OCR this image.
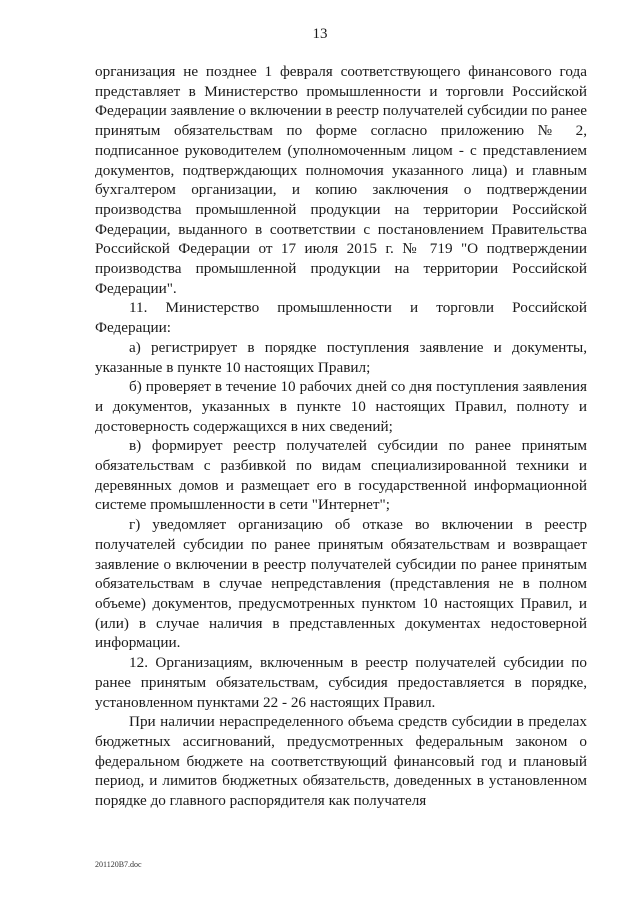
13

организация не позднее 1 февраля соответствующего финансового года представляет в Министерство промышленности и торговли Российской Федерации заявление о включении в реестр получателей субсидии по ранее принятым обязательствам по форме согласно приложению № 2, подписанное руководителем (уполномоченным лицом - с представлением документов, подтверждающих полномочия указанного лица) и главным бухгалтером организации, и копию заключения о подтверждении производства промышленной продукции на территории Российской Федерации, выданного в соответствии с постановлением Правительства Российской Федерации от 17 июля 2015 г. № 719 "О подтверждении производства промышленной продукции на территории Российской Федерации".

11. Министерство промышленности и торговли Российской Федерации:

а) регистрирует в порядке поступления заявление и документы, указанные в пункте 10 настоящих Правил;

б) проверяет в течение 10 рабочих дней со дня поступления заявления и документов, указанных в пункте 10 настоящих Правил, полноту и достоверность содержащихся в них сведений;

в) формирует реестр получателей субсидии по ранее принятым обязательствам с разбивкой по видам специализированной техники и деревянных домов и размещает его в государственной информационной системе промышленности в сети "Интернет";

г) уведомляет организацию об отказе во включении в реестр получателей субсидии по ранее принятым обязательствам и возвращает заявление о включении в реестр получателей субсидии по ранее принятым обязательствам в случае непредставления (представления не в полном объеме) документов, предусмотренных пунктом 10 настоящих Правил, и (или) в случае наличия в представленных документах недостоверной информации.

12. Организациям, включенным в реестр получателей субсидии по ранее принятым обязательствам, субсидия предоставляется в порядке, установленном пунктами 22 - 26 настоящих Правил.

При наличии нераспределенного объема средств субсидии в пределах бюджетных ассигнований, предусмотренных федеральным законом о федеральном бюджете на соответствующий финансовый год и плановый период, и лимитов бюджетных обязательств, доведенных в установленном порядке до главного распорядителя как получателя

201120B7.doc
